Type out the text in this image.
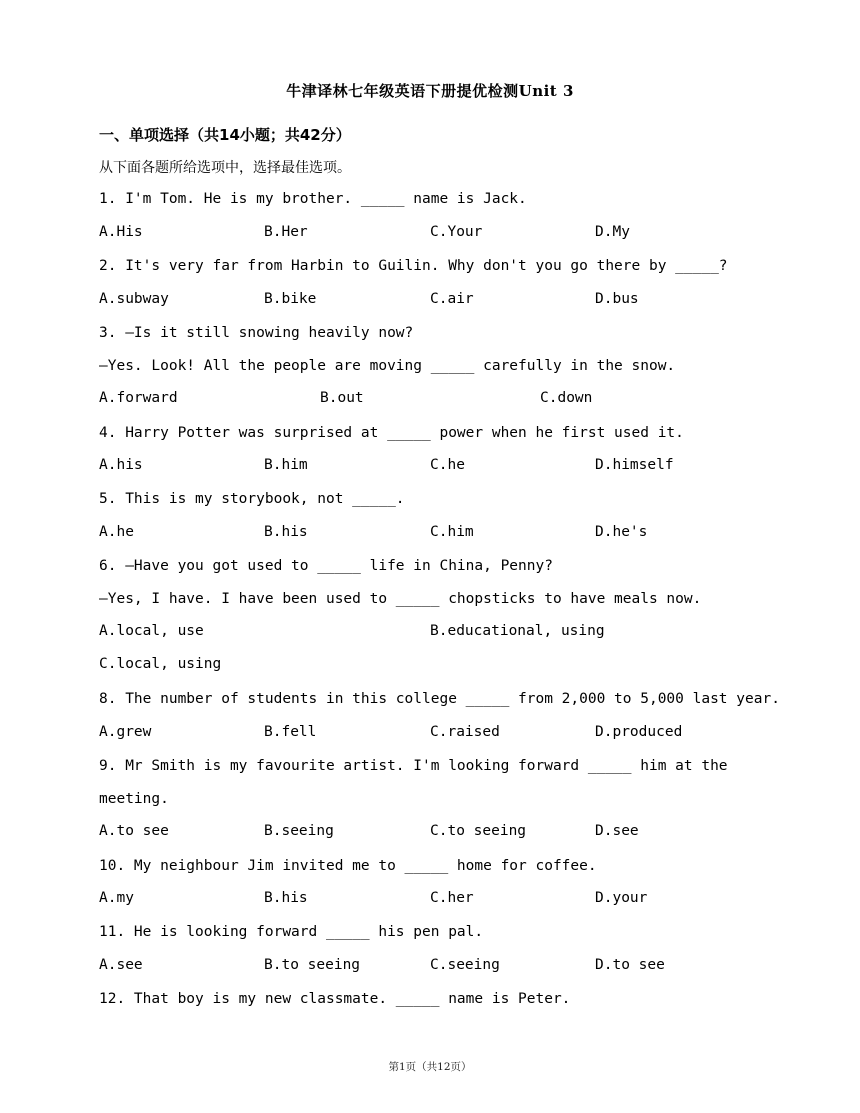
牛津译林七年级英语下册提优检测Unit 3
一、单项选择（共14小题；共42分）
从下面各题所给选项中，选择最佳选项。
1. I'm Tom. He is my brother. _____ name is Jack.
A.His	B.Her	C.Your	D.My
2. It's very far from Harbin to Guilin. Why don't you go there by _____?
A.subway	B.bike	C.air	D.bus
3. —Is it still snowing heavily now?
—Yes. Look! All the people are moving _____ carefully in the snow.
A.forward	B.out	C.down
4. Harry Potter was surprised at _____ power when he first used it.
A.his	B.him	C.he	D.himself
5. This is my storybook, not _____.
A.he	B.his	C.him	D.he's
6. —Have you got used to _____ life in China, Penny?
—Yes, I have. I have been used to _____ chopsticks to have meals now.
A.local, use	B.educational, using
C.local, using
8. The number of students in this college _____ from 2,000 to 5,000 last year.
A.grew	B.fell	C.raised	D.produced
9. Mr Smith is my favourite artist. I'm looking forward _____ him at the
meeting.
A.to see	B.seeing	C.to seeing	D.see
10. My neighbour Jim invited me to _____ home for coffee.
A.my	B.his	C.her	D.your
11. He is looking forward _____ his pen pal.
A.see	B.to seeing	C.seeing	D.to see
12. That boy is my new classmate. _____ name is Peter.
第1页（共12页）
